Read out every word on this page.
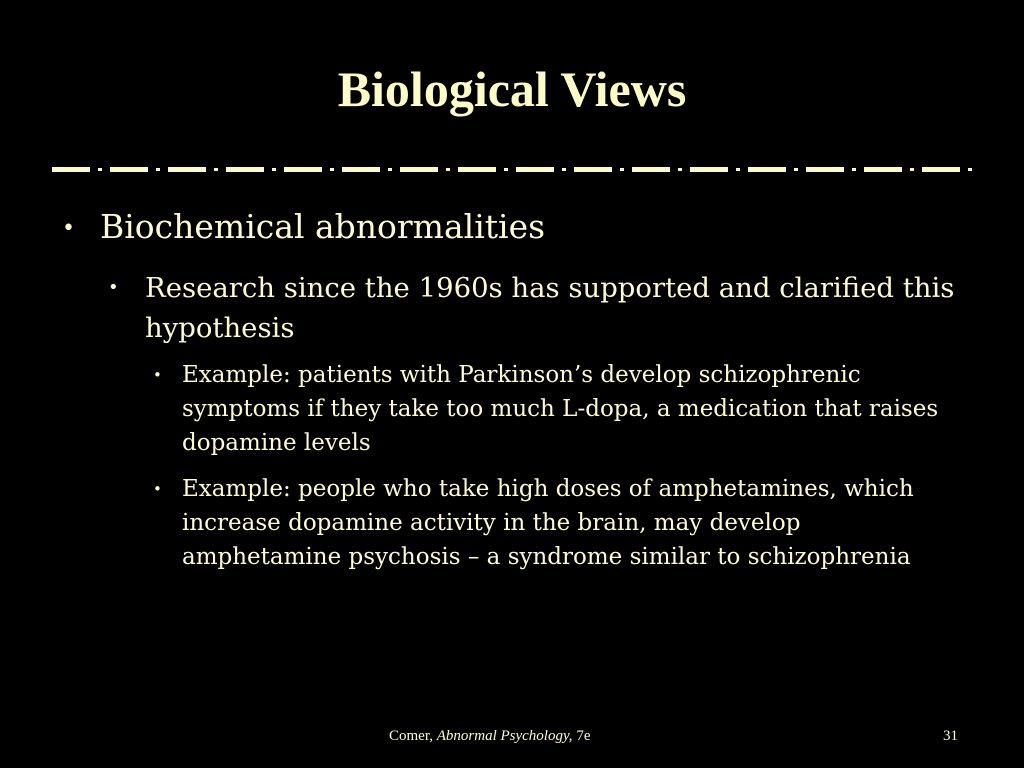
Biological Views
• Biochemical abnormalities
• Research since the 1960s has supported and clarified this hypothesis
• Example: patients with Parkinson’s develop schizophrenic symptoms if they take too much L-dopa, a medication that raises dopamine levels
• Example: people who take high doses of amphetamines, which increase dopamine activity in the brain, may develop amphetamine psychosis – a syndrome similar to schizophrenia
Comer, Abnormal Psychology, 7e	31
